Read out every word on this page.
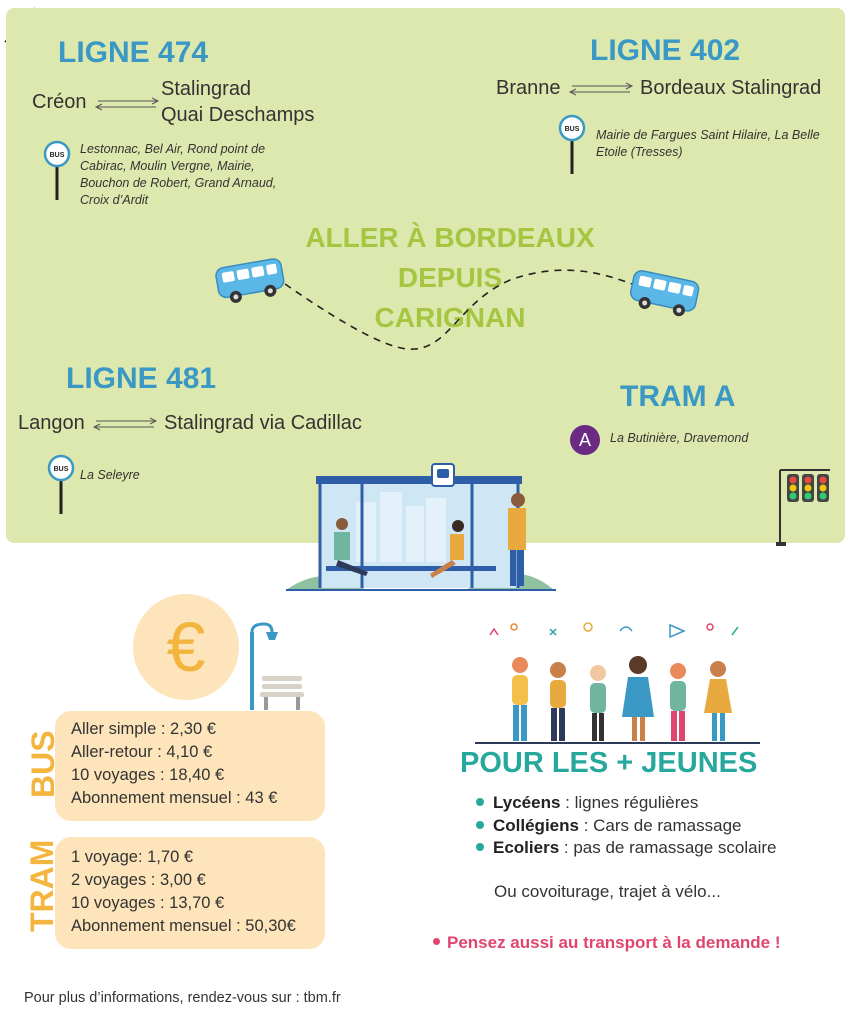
LIGNE 474
Créon
Stalingrad
Quai Deschamps
BUS Lestonnac, Bel Air, Rond point de
Cabirac, Moulin Vergne, Mairie,
Bouchon de Robert, Grand Arnaud,
Croix d’Ardit
LIGNE 402
Branne	Bordeaux Stalingrad
BUS Mairie de Fargues Saint Hilaire, La Belle
Etoile (Tresses)
ALLER À BORDEAUX
DEPUIS
CARIGNAN
LIGNE 481
Langon	Stalingrad via Cadillac
BUS La Seleyre
TRAM A
A	La Butinière, Dravemond
€
Aller simple : 2,30 €
Aller-retour : 4,10 €
10 voyages : 18,40 €
Abonnement mensuel : 43 €
BUS
1 voyage: 1,70 €
2 voyages : 3,00 €
10 voyages : 13,70 €
Abonnement mensuel : 50,30€
TRAM
POUR LES + JEUNES
Lycéens : lignes régulières
Collégiens : Cars de ramassage
Ecoliers : pas de ramassage scolaire
Ou covoiturage, trajet à vélo...
Pensez aussi au transport à la demande !
Pour plus d’informations, rendez-vous sur : tbm.fr
